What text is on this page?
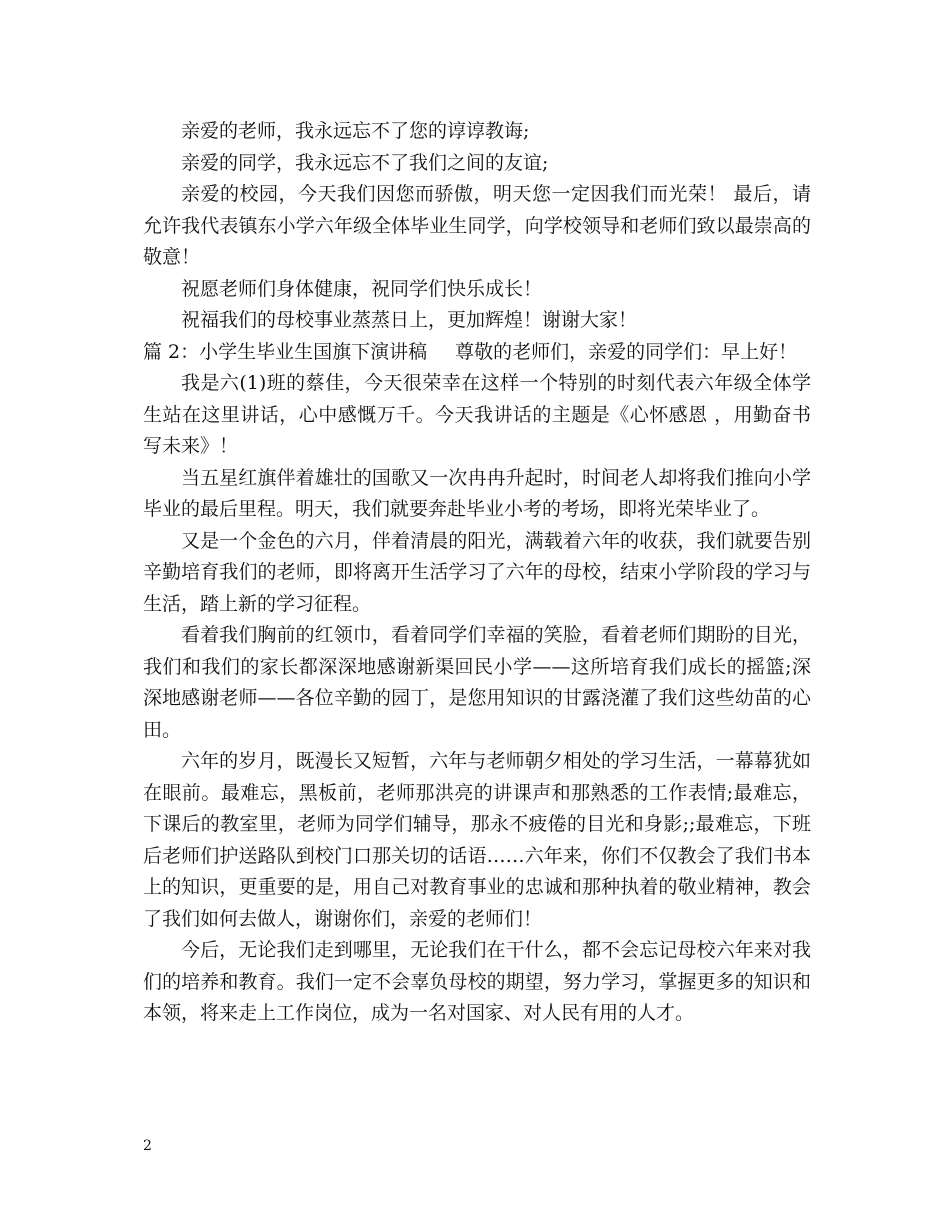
亲爱的老师，我永远忘不了您的谆谆教诲;

亲爱的同学，我永远忘不了我们之间的友谊;

亲爱的校园，今天我们因您而骄傲，明天您一定因我们而光荣！ 最后，请允许我代表镇东小学六年级全体毕业生同学，向学校领导和老师们致以最崇高的敬意！

祝愿老师们身体健康，祝同学们快乐成长！

祝福我们的母校事业蒸蒸日上，更加辉煌！谢谢大家！

篇 2：小学生毕业生国旗下演讲稿 尊敬的老师们，亲爱的同学们：早上好！

我是六(1)班的蔡佳，今天很荣幸在这样一个特别的时刻代表六年级全体学生站在这里讲话，心中感慨万千。今天我讲话的主题是《心怀感恩 ，用勤奋书写未来》！

当五星红旗伴着雄壮的国歌又一次冉冉升起时，时间老人却将我们推向小学毕业的最后里程。明天，我们就要奔赴毕业小考的考场，即将光荣毕业了。

又是一个金色的六月，伴着清晨的阳光，满载着六年的收获，我们就要告别辛勤培育我们的老师，即将离开生活学习了六年的母校，结束小学阶段的学习与生活，踏上新的学习征程。

看着我们胸前的红领巾，看着同学们幸福的笑脸，看着老师们期盼的目光，我们和我们的家长都深深地感谢新渠回民小学——这所培育我们成长的摇篮;深深地感谢老师——各位辛勤的园丁，是您用知识的甘露浇灌了我们这些幼苗的心田。

六年的岁月，既漫长又短暂，六年与老师朝夕相处的学习生活，一幕幕犹如在眼前。最难忘，黑板前，老师那洪亮的讲课声和那熟悉的工作表情;最难忘，下课后的教室里，老师为同学们辅导，那永不疲倦的目光和身影;;最难忘，下班后老师们护送路队到校门口那关切的话语……六年来，你们不仅教会了我们书本上的知识，更重要的是，用自己对教育事业的忠诚和那种执着的敬业精神，教会了我们如何去做人，谢谢你们，亲爱的老师们！

今后，无论我们走到哪里，无论我们在干什么，都不会忘记母校六年来对我们的培养和教育。我们一定不会辜负母校的期望，努力学习，掌握更多的知识和本领，将来走上工作岗位，成为一名对国家、对人民有用的人才。

2
